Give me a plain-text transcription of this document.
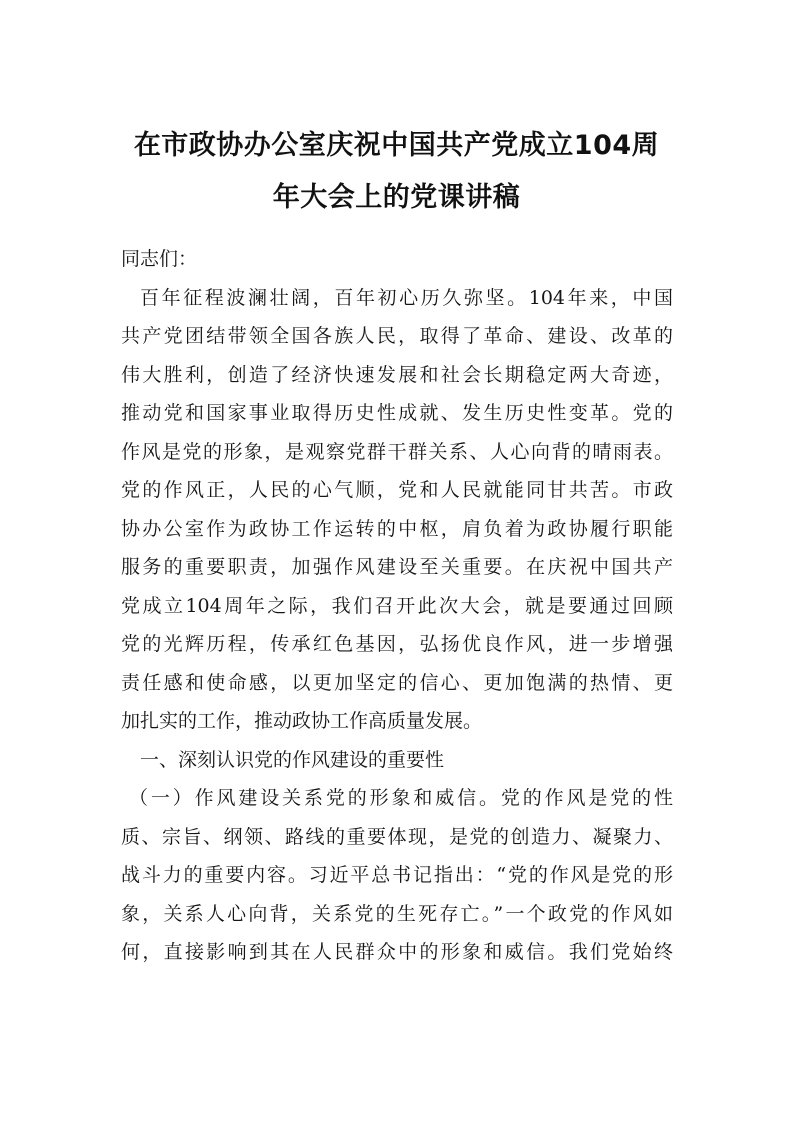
在市政协办公室庆祝中国共产党成立104周
年大会上的党课讲稿
同志们：
百年征程波澜壮阔，百年初心历久弥坚。104年来，中国
共产党团结带领全国各族人民，取得了革命、建设、改革的
伟大胜利，创造了经济快速发展和社会长期稳定两大奇迹，
推动党和国家事业取得历史性成就、发生历史性变革。党的
作风是党的形象，是观察党群干群关系、人心向背的晴雨表。
党的作风正，人民的心气顺，党和人民就能同甘共苦。市政
协办公室作为政协工作运转的中枢，肩负着为政协履行职能
服务的重要职责，加强作风建设至关重要。在庆祝中国共产
党成立104周年之际，我们召开此次大会，就是要通过回顾
党的光辉历程，传承红色基因，弘扬优良作风，进一步增强
责任感和使命感，以更加坚定的信心、更加饱满的热情、更
加扎实的工作，推动政协工作高质量发展。
一、深刻认识党的作风建设的重要性
（一）作风建设关系党的形象和威信。党的作风是党的性
质、宗旨、纲领、路线的重要体现，是党的创造力、凝聚力、
战斗力的重要内容。习近平总书记指出：“党的作风是党的形
象，关系人心向背，关系党的生死存亡。”一个政党的作风如
何，直接影响到其在人民群众中的形象和威信。我们党始终
